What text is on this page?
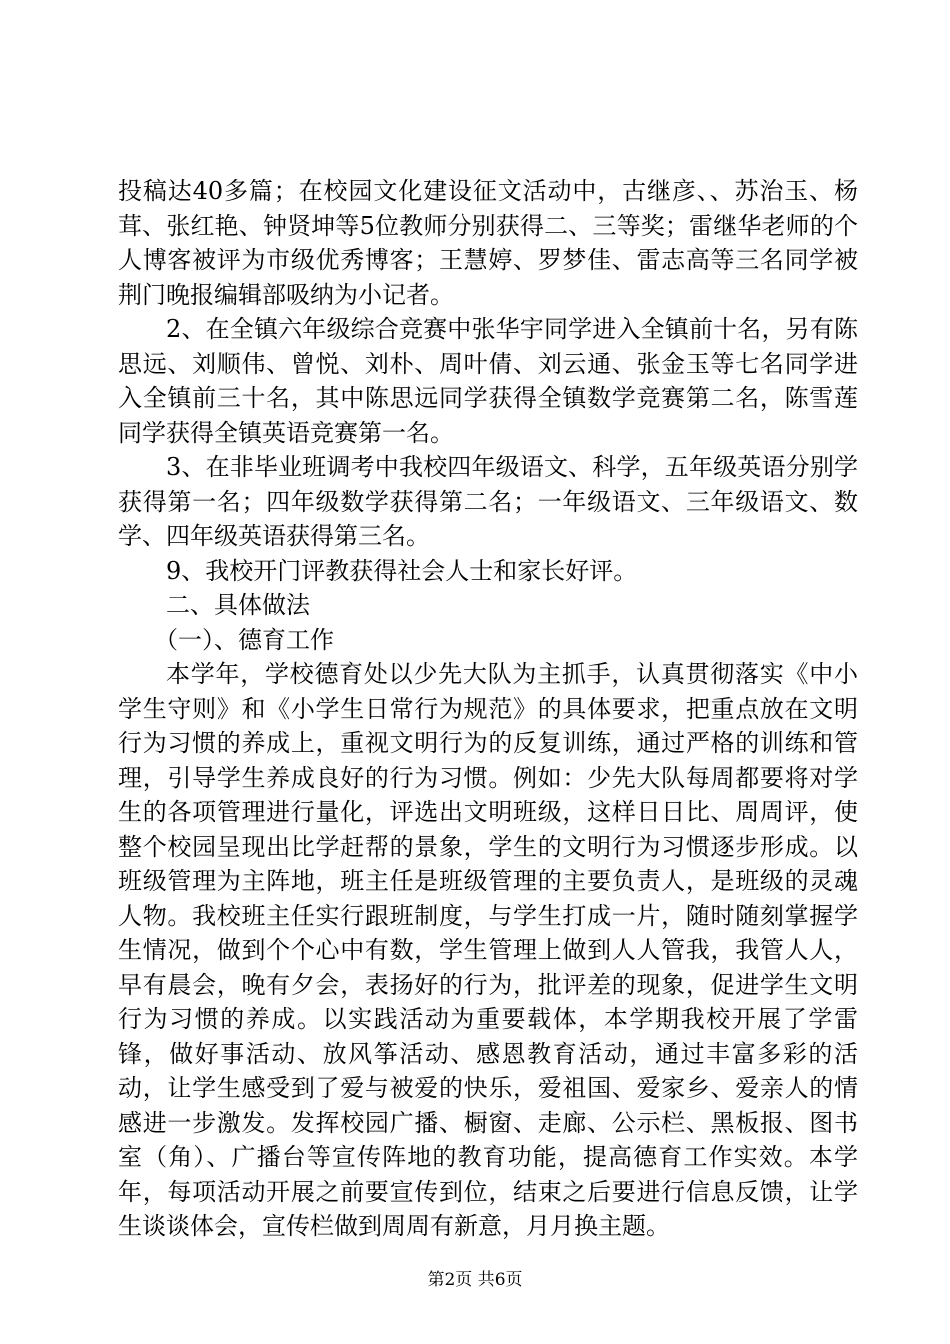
投稿达40多篇；在校园文化建设征文活动中，古继彦、、苏治玉、杨茸、张红艳、钟贤坤等5位教师分别获得二、三等奖；雷继华老师的个人博客被评为市级优秀博客；王慧婷、罗梦佳、雷志高等三名同学被荆门晚报编辑部吸纳为小记者。

2、在全镇六年级综合竞赛中张华宇同学进入全镇前十名，另有陈思远、刘顺伟、曾悦、刘朴、周叶倩、刘云通、张金玉等七名同学进入全镇前三十名，其中陈思远同学获得全镇数学竞赛第二名，陈雪莲同学获得全镇英语竞赛第一名。

3、在非毕业班调考中我校四年级语文、科学，五年级英语分别学获得第一名；四年级数学获得第二名；一年级语文、三年级语文、数学、四年级英语获得第三名。

9、我校开门评教获得社会人士和家长好评。

二、具体做法

（一）、德育工作

本学年，学校德育处以少先大队为主抓手，认真贯彻落实《中小学生守则》和《小学生日常行为规范》的具体要求，把重点放在文明行为习惯的养成上，重视文明行为的反复训练，通过严格的训练和管理，引导学生养成良好的行为习惯。例如：少先大队每周都要将对学生的各项管理进行量化，评选出文明班级，这样日日比、周周评，使整个校园呈现出比学赶帮的景象，学生的文明行为习惯逐步形成。以班级管理为主阵地，班主任是班级管理的主要负责人，是班级的灵魂人物。我校班主任实行跟班制度，与学生打成一片，随时随刻掌握学生情况，做到个个心中有数，学生管理上做到人人管我，我管人人，早有晨会，晚有夕会，表扬好的行为，批评差的现象，促进学生文明行为习惯的养成。以实践活动为重要载体，本学期我校开展了学雷锋，做好事活动、放风筝活动、感恩教育活动，通过丰富多彩的活动，让学生感受到了爱与被爱的快乐，爱祖国、爱家乡、爱亲人的情感进一步激发。发挥校园广播、橱窗、走廊、公示栏、黑板报、图书室（角）、广播台等宣传阵地的教育功能，提高德育工作实效。本学年，每项活动开展之前要宣传到位，结束之后要进行信息反馈，让学生谈谈体会，宣传栏做到周周有新意，月月换主题。

第2页 共6页
